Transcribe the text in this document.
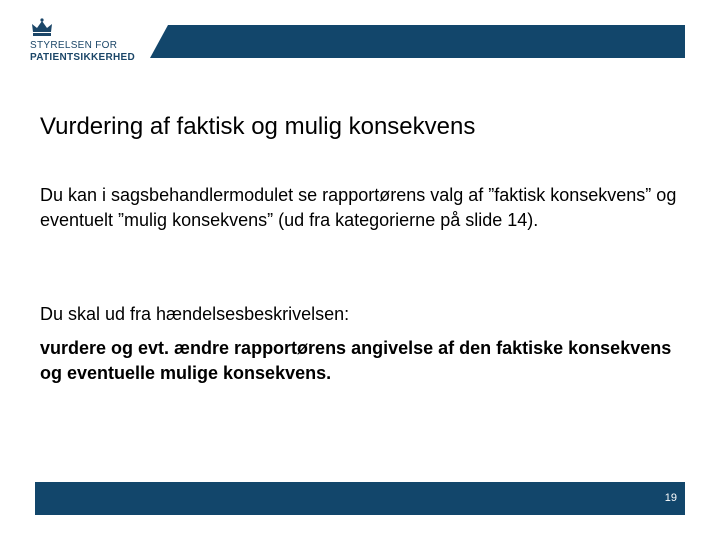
STYRELSEN FOR
PATIENTSIKKERHED
Vurdering af faktisk og mulig konsekvens

Du kan i sagsbehandlermodulet se rapportørens valg af ”faktisk konsekvens” og eventuelt ”mulig konsekvens” (ud fra kategorierne på slide 14).

Du skal ud fra hændelsesbeskrivelsen:

vurdere og evt. ændre rapportørens angivelse af den faktiske konsekvens og eventuelle mulige konsekvens.

19
